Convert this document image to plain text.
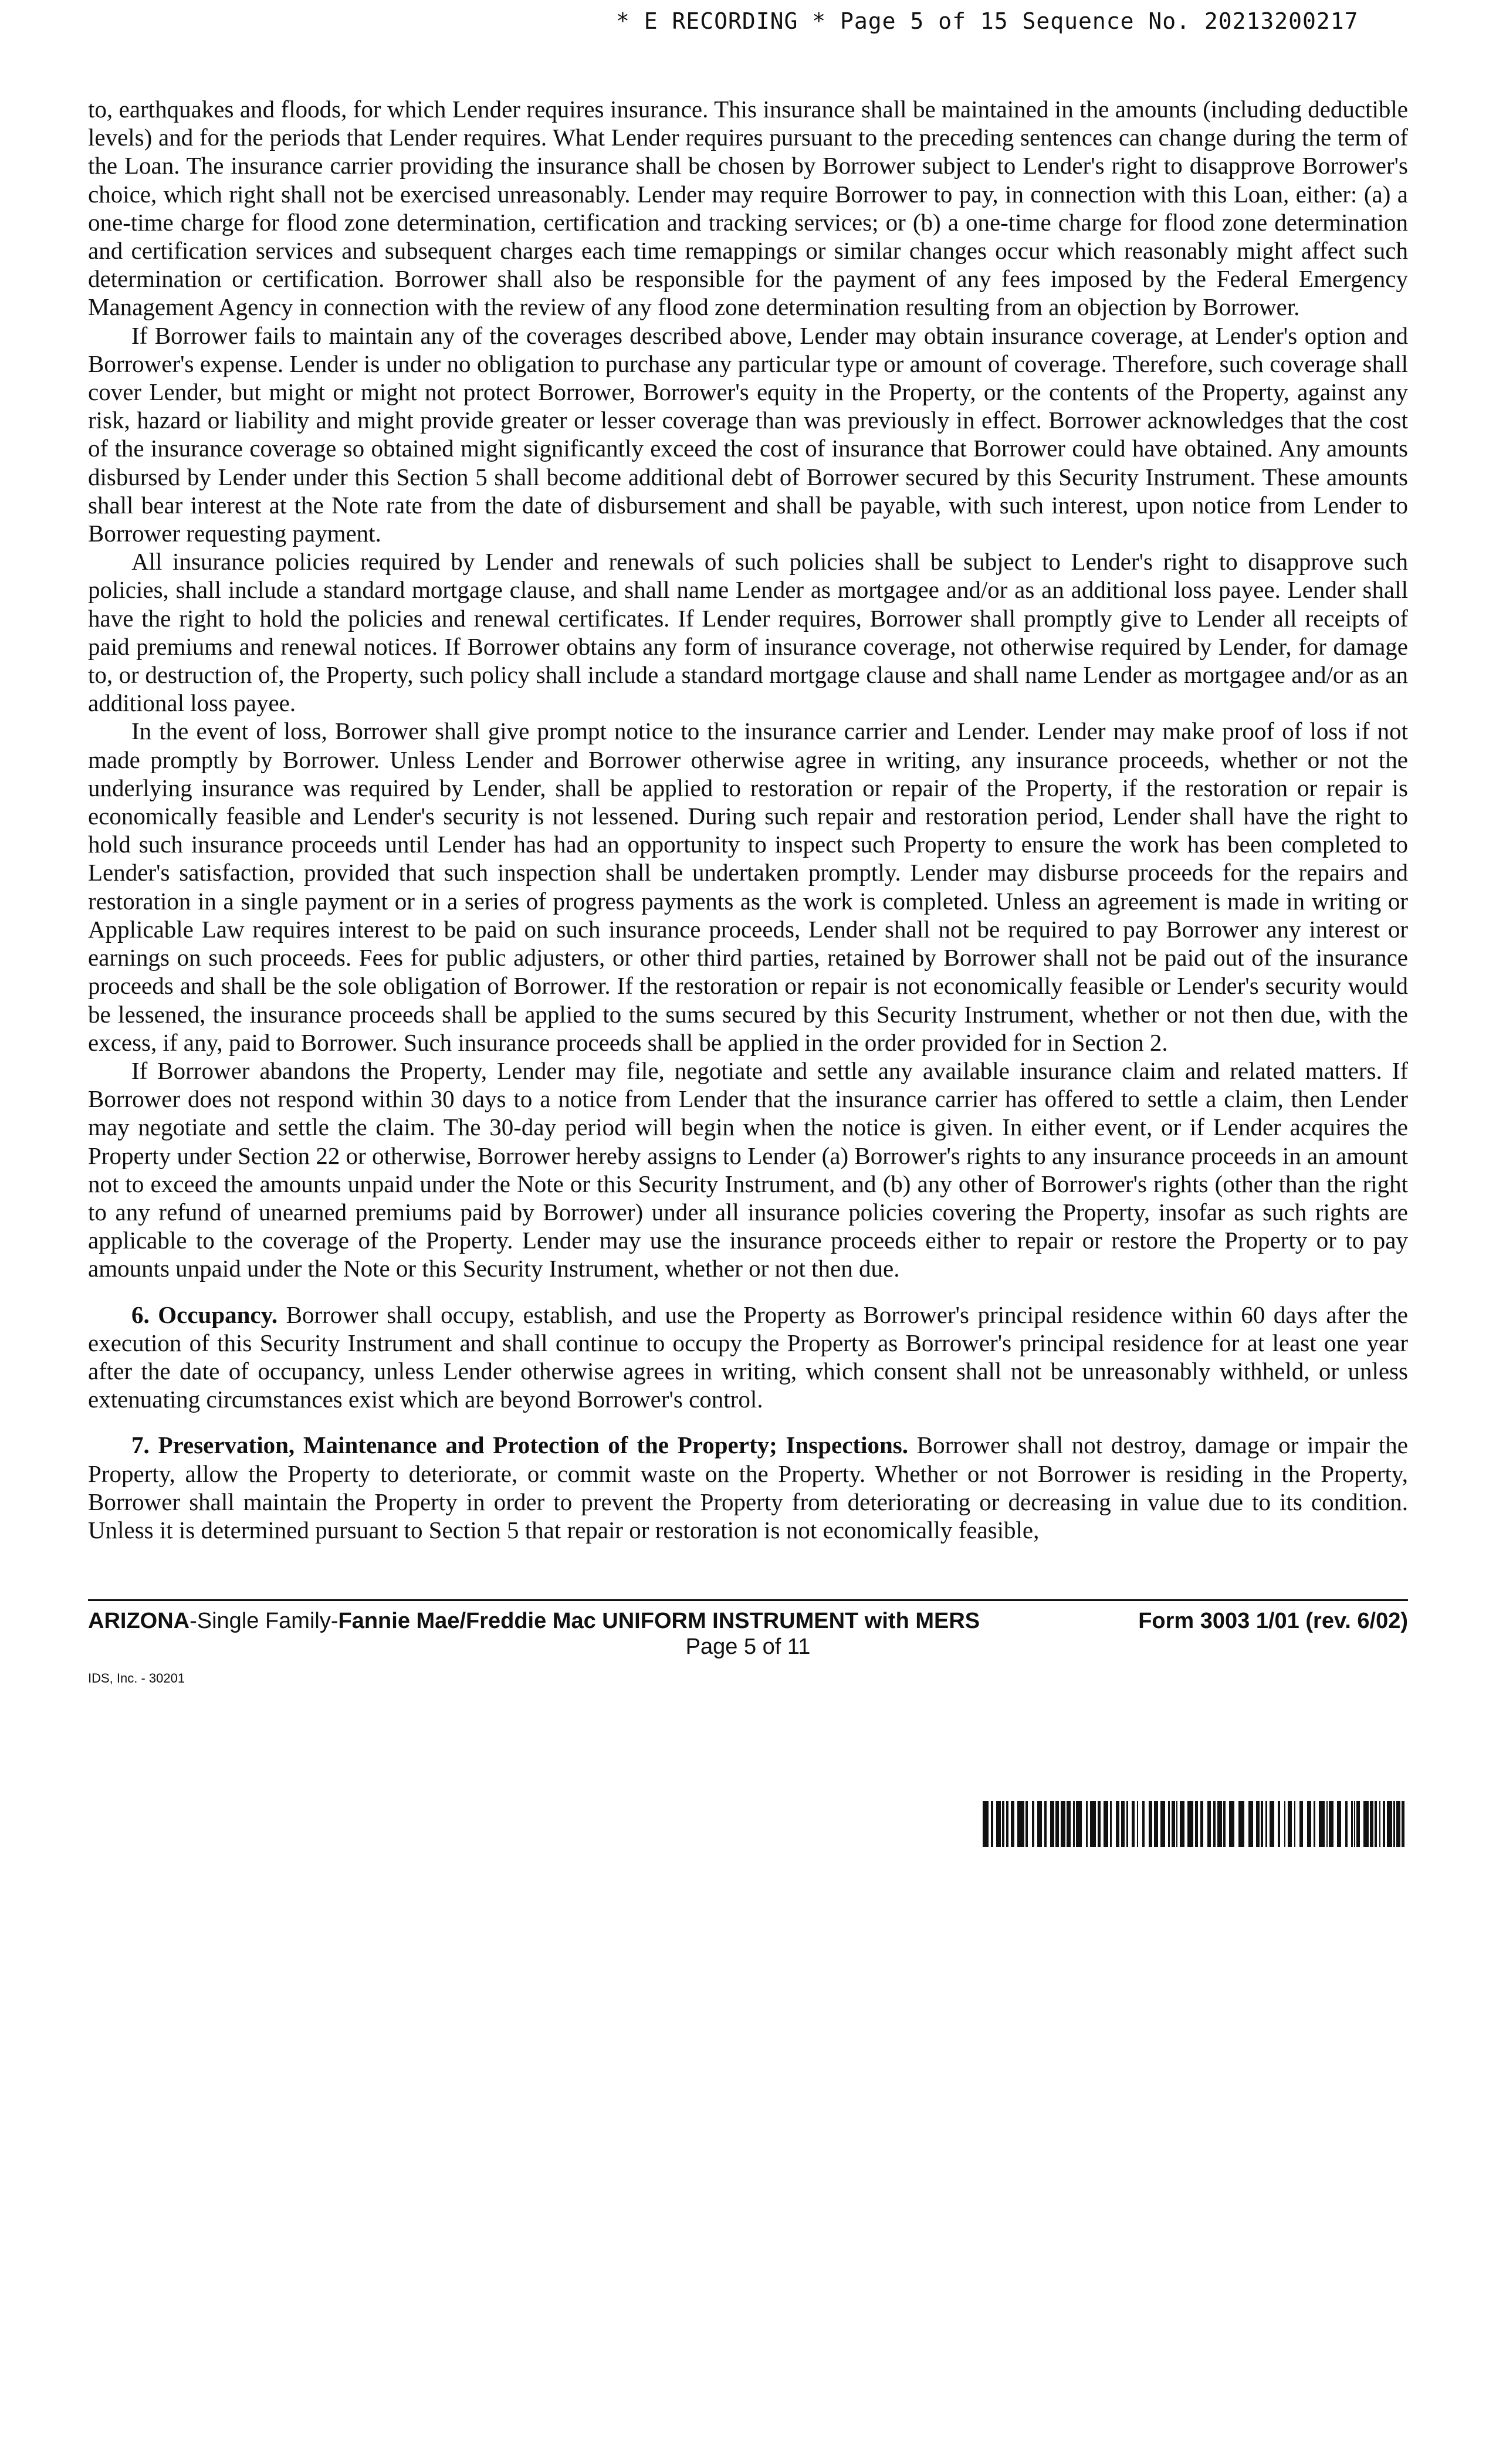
* E RECORDING * Page 5 of 15 Sequence No. 20213200217

to, earthquakes and floods, for which Lender requires insurance. This insurance shall be maintained in the amounts (including deductible levels) and for the periods that Lender requires. What Lender requires pursuant to the preceding sentences can change during the term of the Loan. The insurance carrier providing the insurance shall be chosen by Borrower subject to Lender's right to disapprove Borrower's choice, which right shall not be exercised unreasonably. Lender may require Borrower to pay, in connection with this Loan, either: (a) a one-time charge for flood zone determination, certification and tracking services; or (b) a one-time charge for flood zone determination and certification services and subsequent charges each time remappings or similar changes occur which reasonably might affect such determination or certification. Borrower shall also be responsible for the payment of any fees imposed by the Federal Emergency Management Agency in connection with the review of any flood zone determination resulting from an objection by Borrower.

If Borrower fails to maintain any of the coverages described above, Lender may obtain insurance coverage, at Lender's option and Borrower's expense. Lender is under no obligation to purchase any particular type or amount of coverage. Therefore, such coverage shall cover Lender, but might or might not protect Borrower, Borrower's equity in the Property, or the contents of the Property, against any risk, hazard or liability and might provide greater or lesser coverage than was previously in effect. Borrower acknowledges that the cost of the insurance coverage so obtained might significantly exceed the cost of insurance that Borrower could have obtained. Any amounts disbursed by Lender under this Section 5 shall become additional debt of Borrower secured by this Security Instrument. These amounts shall bear interest at the Note rate from the date of disbursement and shall be payable, with such interest, upon notice from Lender to Borrower requesting payment.

All insurance policies required by Lender and renewals of such policies shall be subject to Lender's right to disapprove such policies, shall include a standard mortgage clause, and shall name Lender as mortgagee and/or as an additional loss payee. Lender shall have the right to hold the policies and renewal certificates. If Lender requires, Borrower shall promptly give to Lender all receipts of paid premiums and renewal notices. If Borrower obtains any form of insurance coverage, not otherwise required by Lender, for damage to, or destruction of, the Property, such policy shall include a standard mortgage clause and shall name Lender as mortgagee and/or as an additional loss payee.

In the event of loss, Borrower shall give prompt notice to the insurance carrier and Lender. Lender may make proof of loss if not made promptly by Borrower. Unless Lender and Borrower otherwise agree in writing, any insurance proceeds, whether or not the underlying insurance was required by Lender, shall be applied to restoration or repair of the Property, if the restoration or repair is economically feasible and Lender's security is not lessened. During such repair and restoration period, Lender shall have the right to hold such insurance proceeds until Lender has had an opportunity to inspect such Property to ensure the work has been completed to Lender's satisfaction, provided that such inspection shall be undertaken promptly. Lender may disburse proceeds for the repairs and restoration in a single payment or in a series of progress payments as the work is completed. Unless an agreement is made in writing or Applicable Law requires interest to be paid on such insurance proceeds, Lender shall not be required to pay Borrower any interest or earnings on such proceeds. Fees for public adjusters, or other third parties, retained by Borrower shall not be paid out of the insurance proceeds and shall be the sole obligation of Borrower. If the restoration or repair is not economically feasible or Lender's security would be lessened, the insurance proceeds shall be applied to the sums secured by this Security Instrument, whether or not then due, with the excess, if any, paid to Borrower. Such insurance proceeds shall be applied in the order provided for in Section 2.

If Borrower abandons the Property, Lender may file, negotiate and settle any available insurance claim and related matters. If Borrower does not respond within 30 days to a notice from Lender that the insurance carrier has offered to settle a claim, then Lender may negotiate and settle the claim. The 30-day period will begin when the notice is given. In either event, or if Lender acquires the Property under Section 22 or otherwise, Borrower hereby assigns to Lender (a) Borrower's rights to any insurance proceeds in an amount not to exceed the amounts unpaid under the Note or this Security Instrument, and (b) any other of Borrower's rights (other than the right to any refund of unearned premiums paid by Borrower) under all insurance policies covering the Property, insofar as such rights are applicable to the coverage of the Property. Lender may use the insurance proceeds either to repair or restore the Property or to pay amounts unpaid under the Note or this Security Instrument, whether or not then due.

6. Occupancy. Borrower shall occupy, establish, and use the Property as Borrower's principal residence within 60 days after the execution of this Security Instrument and shall continue to occupy the Property as Borrower's principal residence for at least one year after the date of occupancy, unless Lender otherwise agrees in writing, which consent shall not be unreasonably withheld, or unless extenuating circumstances exist which are beyond Borrower's control.

7. Preservation, Maintenance and Protection of the Property; Inspections. Borrower shall not destroy, damage or impair the Property, allow the Property to deteriorate, or commit waste on the Property. Whether or not Borrower is residing in the Property, Borrower shall maintain the Property in order to prevent the Property from deteriorating or decreasing in value due to its condition. Unless it is determined pursuant to Section 5 that repair or restoration is not economically feasible,

ARIZONA-Single Family-Fannie Mae/Freddie Mac UNIFORM INSTRUMENT with MERS	Form 3003 1/01 (rev. 6/02)
Page 5 of 11
IDS, Inc. - 30201
